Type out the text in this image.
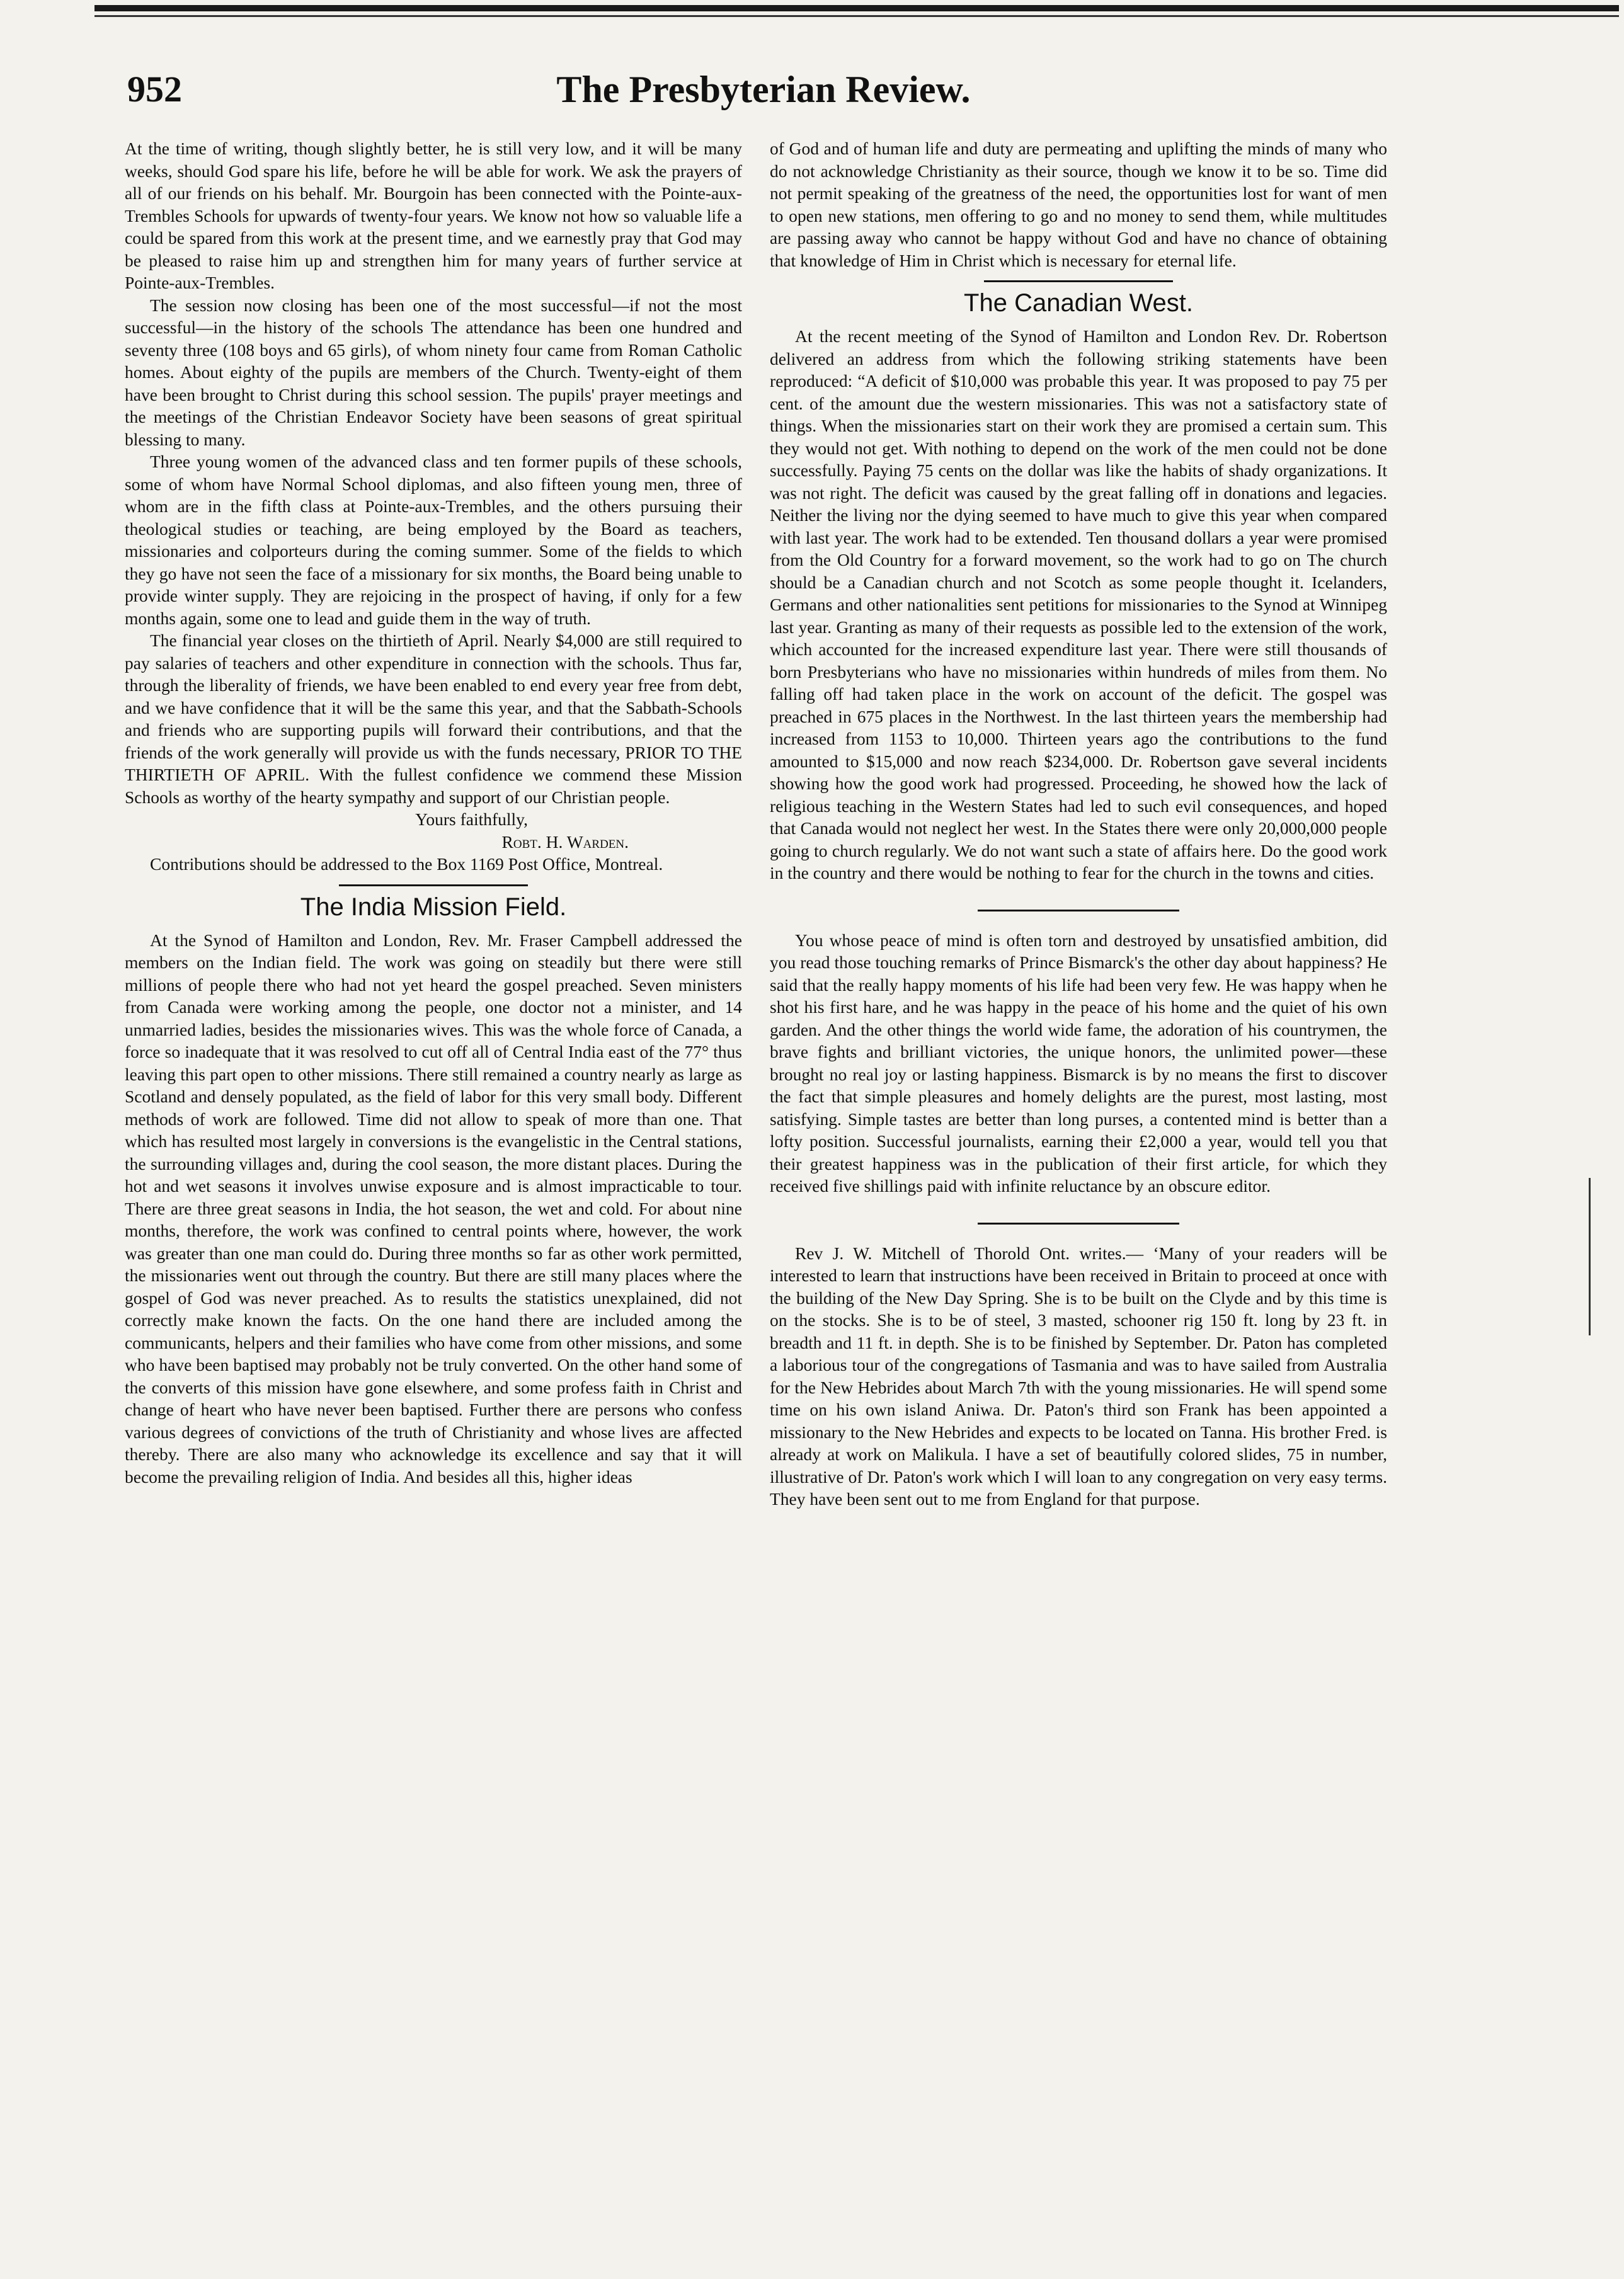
952	The Presbyterian Review.

At the time of writing, though slightly better, he is still very low, and it will be many weeks, should God spare his life, before he will be able for work. We ask the prayers of all of our friends on his behalf. Mr. Bourgoin has been connected with the Pointe-aux-Trembles Schools for upwards of twenty-four years. We know not how so valuable life a could be spared from this work at the present time, and we earnestly pray that God may be pleased to raise him up and strengthen him for many years of further service at Pointe-aux-Trembles.

The session now closing has been one of the most successful—if not the most successful—in the history of the schools The attendance has been one hundred and seventy three (108 boys and 65 girls), of whom ninety four came from Roman Catholic homes. About eighty of the pupils are members of the Church. Twenty-eight of them have been brought to Christ during this school session. The pupils' prayer meetings and the meetings of the Christian Endeavor Society have been seasons of great spiritual blessing to many.

Three young women of the advanced class and ten former pupils of these schools, some of whom have Normal School diplomas, and also fifteen young men, three of whom are in the fifth class at Pointe-aux-Trembles, and the others pursuing their theological studies or teaching, are being employed by the Board as teachers, missionaries and colporteurs during the coming summer. Some of the fields to which they go have not seen the face of a missionary for six months, the Board being unable to provide winter supply. They are rejoicing in the prospect of having, if only for a few months again, some one to lead and guide them in the way of truth.

The financial year closes on the thirtieth of April. Nearly $4,000 are still required to pay salaries of teachers and other expenditure in connection with the schools. Thus far, through the liberality of friends, we have been enabled to end every year free from debt, and we have confidence that it will be the same this year, and that the Sabbath-Schools and friends who are supporting pupils will forward their contributions, and that the friends of the work generally will provide us with the funds necessary, PRIOR TO THE THIRTIETH OF APRIL. With the fullest confidence we commend these Mission Schools as worthy of the hearty sympathy and support of our Christian people.

Yours faithfully,

Robt. H. Warden.

Contributions should be addressed to the Box 1169 Post Office, Montreal.

The India Mission Field.

At the Synod of Hamilton and London, Rev. Mr. Fraser Campbell addressed the members on the Indian field. The work was going on steadily but there were still millions of people there who had not yet heard the gospel preached. Seven ministers from Canada were working among the people, one doctor not a minister, and 14 unmarried ladies, besides the missionaries wives. This was the whole force of Canada, a force so inadequate that it was resolved to cut off all of Central India east of the 77° thus leaving this part open to other missions. There still remained a country nearly as large as Scotland and densely populated, as the field of labor for this very small body. Different methods of work are followed. Time did not allow to speak of more than one. That which has resulted most largely in conversions is the evangelistic in the Central stations, the surrounding villages and, during the cool season, the more distant places. During the hot and wet seasons it involves unwise exposure and is almost impracticable to tour. There are three great seasons in India, the hot season, the wet and cold. For about nine months, therefore, the work was confined to central points where, however, the work was greater than one man could do. During three months so far as other work permitted, the missionaries went out through the country. But there are still many places where the gospel of God was never preached. As to results the statistics unexplained, did not correctly make known the facts. On the one hand there are included among the communicants, helpers and their families who have come from other missions, and some who have been baptised may probably not be truly converted. On the other hand some of the converts of this mission have gone elsewhere, and some profess faith in Christ and change of heart who have never been baptised. Further there are persons who confess various degrees of convictions of the truth of Christianity and whose lives are affected thereby. There are also many who acknowledge its excellence and say that it will become the prevailing religion of India. And besides all this, higher ideas

of God and of human life and duty are permeating and uplifting the minds of many who do not acknowledge Christianity as their source, though we know it to be so. Time did not permit speaking of the greatness of the need, the opportunities lost for want of men to open new stations, men offering to go and no money to send them, while multitudes are passing away who cannot be happy without God and have no chance of obtaining that knowledge of Him in Christ which is necessary for eternal life.

The Canadian West.

At the recent meeting of the Synod of Hamilton and London Rev. Dr. Robertson delivered an address from which the following striking statements have been reproduced: “A deficit of $10,000 was probable this year. It was proposed to pay 75 per cent. of the amount due the western missionaries. This was not a satisfactory state of things. When the missionaries start on their work they are promised a certain sum. This they would not get. With nothing to depend on the work of the men could not be done successfully. Paying 75 cents on the dollar was like the habits of shady organizations. It was not right. The deficit was caused by the great falling off in donations and legacies. Neither the living nor the dying seemed to have much to give this year when compared with last year. The work had to be extended. Ten thousand dollars a year were promised from the Old Country for a forward movement, so the work had to go on The church should be a Canadian church and not Scotch as some people thought it. Icelanders, Germans and other nationalities sent petitions for missionaries to the Synod at Winnipeg last year. Granting as many of their requests as possible led to the extension of the work, which accounted for the increased expenditure last year. There were still thousands of born Presbyterians who have no missionaries within hundreds of miles from them. No falling off had taken place in the work on account of the deficit. The gospel was preached in 675 places in the Northwest. In the last thirteen years the membership had increased from 1153 to 10,000. Thirteen years ago the contributions to the fund amounted to $15,000 and now reach $234,000. Dr. Robertson gave several incidents showing how the good work had progressed. Proceeding, he showed how the lack of religious teaching in the Western States had led to such evil consequences, and hoped that Canada would not neglect her west. In the States there were only 20,000,000 people going to church regularly. We do not want such a state of affairs here. Do the good work in the country and there would be nothing to fear for the church in the towns and cities.

You whose peace of mind is often torn and destroyed by unsatisfied ambition, did you read those touching remarks of Prince Bismarck's the other day about happiness? He said that the really happy moments of his life had been very few. He was happy when he shot his first hare, and he was happy in the peace of his home and the quiet of his own garden. And the other things the world wide fame, the adoration of his countrymen, the brave fights and brilliant victories, the unique honors, the unlimited power—these brought no real joy or lasting happiness. Bismarck is by no means the first to discover the fact that simple pleasures and homely delights are the purest, most lasting, most satisfying. Simple tastes are better than long purses, a contented mind is better than a lofty position. Successful journalists, earning their £2,000 a year, would tell you that their greatest happiness was in the publication of their first article, for which they received five shillings paid with infinite reluctance by an obscure editor.

Rev J. W. Mitchell of Thorold Ont. writes.— ‘Many of your readers will be interested to learn that instructions have been received in Britain to proceed at once with the building of the New Day Spring. She is to be built on the Clyde and by this time is on the stocks. She is to be of steel, 3 masted, schooner rig 150 ft. long by 23 ft. in breadth and 11 ft. in depth. She is to be finished by September. Dr. Paton has completed a laborious tour of the congregations of Tasmania and was to have sailed from Australia for the New Hebrides about March 7th with the young missionaries. He will spend some time on his own island Aniwa. Dr. Paton's third son Frank has been appointed a missionary to the New Hebrides and expects to be located on Tanna. His brother Fred. is already at work on Malikula. I have a set of beautifully colored slides, 75 in number, illustrative of Dr. Paton's work which I will loan to any congregation on very easy terms. They have been sent out to me from England for that purpose.
